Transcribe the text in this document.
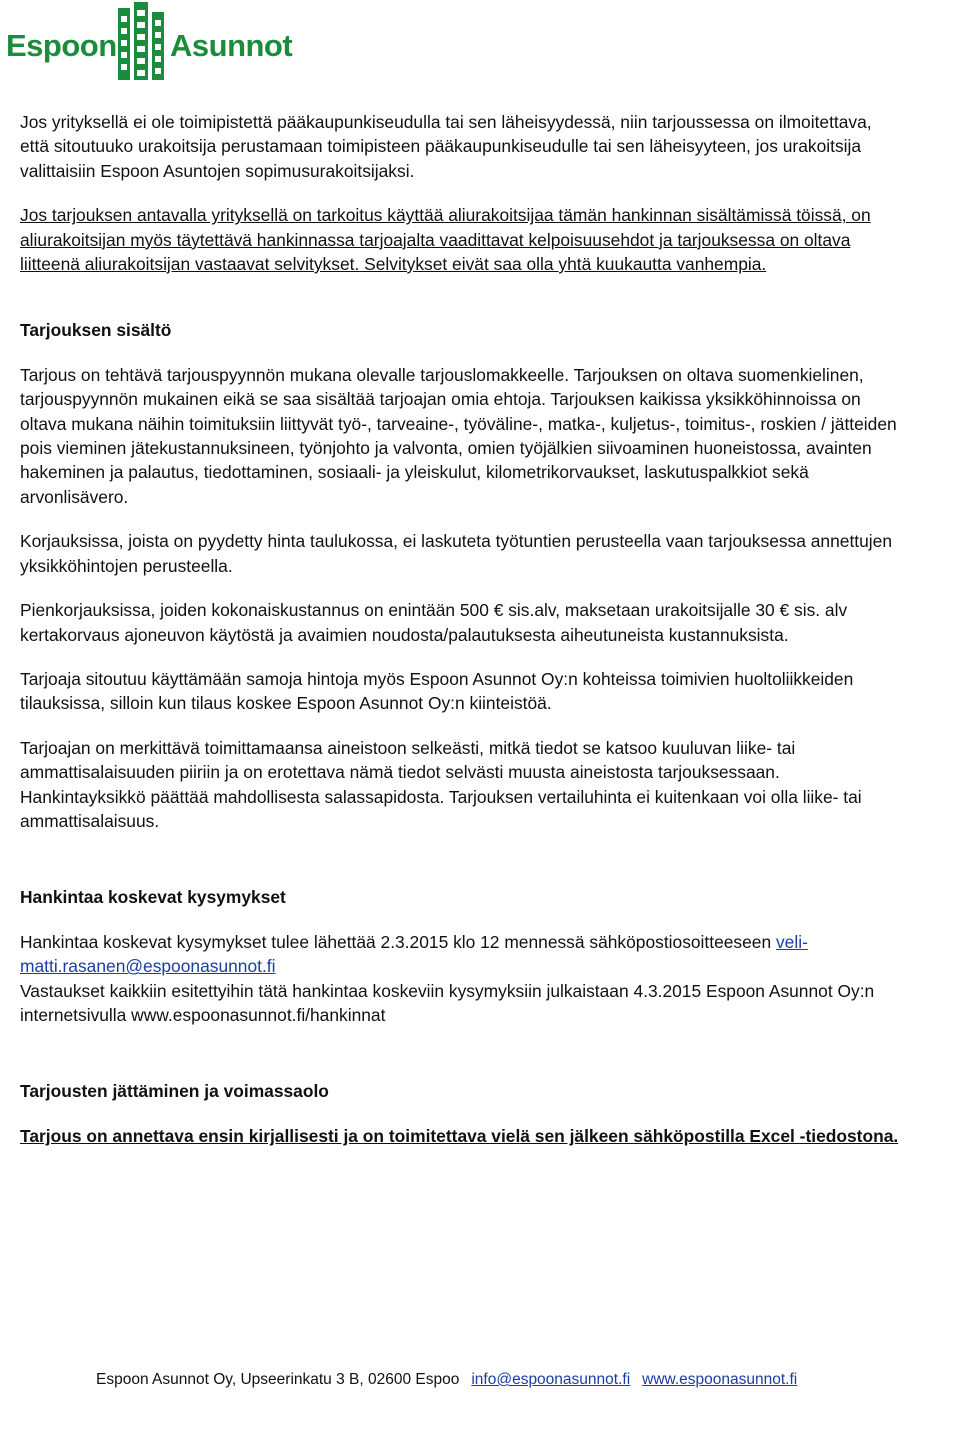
Espoon Asunnot

Jos yrityksellä ei ole toimipistettä pääkaupunkiseudulla tai sen läheisyydessä, niin tarjoussessa on ilmoitettava, että sitoutuuko urakoitsija perustamaan toimipisteen pääkaupunkiseudulle tai sen läheisyyteen, jos urakoitsija valittaisiin Espoon Asuntojen sopimusurakoitsijaksi.

Jos tarjouksen antavalla yrityksellä on tarkoitus käyttää aliurakoitsijaa tämän hankinnan sisältämissä töissä, on aliurakoitsijan myös täytettävä hankinnassa tarjoajalta vaadittavat kelpoisuusehdot ja tarjouksessa on oltava liitteenä aliurakoitsijan vastaavat selvitykset. Selvitykset eivät saa olla yhtä kuukautta vanhempia.

Tarjouksen sisältö

Tarjous on tehtävä tarjouspyynnön mukana olevalle tarjouslomakkeelle. Tarjouksen on oltava suomenkielinen, tarjouspyynnön mukainen eikä se saa sisältää tarjoajan omia ehtoja. Tarjouksen kaikissa yksikköhinnoissa on oltava mukana näihin toimituksiin liittyvät työ-, tarveaine-, työväline-, matka-, kuljetus-, toimitus-, roskien / jätteiden pois vieminen jätekustannuksineen, työnjohto ja valvonta, omien työjälkien siivoaminen huoneistossa, avainten hakeminen ja palautus, tiedottaminen, sosiaali- ja yleiskulut, kilometrikorvaukset, laskutuspalkkiot sekä arvonlisävero.

Korjauksissa, joista on pyydetty hinta taulukossa, ei laskuteta työtuntien perusteella vaan tarjouksessa annettujen yksikköhintojen perusteella.

Pienkorjauksissa, joiden kokonaiskustannus on enintään 500 € sis.alv, maksetaan urakoitsijalle 30 € sis. alv kertakorvaus ajoneuvon käytöstä ja avaimien noudosta/palautuksesta aiheutuneista kustannuksista.

Tarjoaja sitoutuu käyttämään samoja hintoja myös Espoon Asunnot Oy:n kohteissa toimivien huoltoliikkeiden tilauksissa, silloin kun tilaus koskee Espoon Asunnot Oy:n kiinteistöä.

Tarjoajan on merkittävä toimittamaansa aineistoon selkeästi, mitkä tiedot se katsoo kuuluvan liike- tai ammattisalaisuuden piiriin ja on erotettava nämä tiedot selvästi muusta aineistosta tarjouksessaan. Hankintayksikkö päättää mahdollisesta salassapidosta. Tarjouksen vertailuhinta ei kuitenkaan voi olla liike- tai ammattisalaisuus.

Hankintaa koskevat kysymykset

Hankintaa koskevat kysymykset tulee lähettää 2.3.2015 klo 12 mennessä sähköpostiosoitteeseen veli-matti.rasanen@espoonasunnot.fi

Vastaukset kaikkiin esitettyihin tätä hankintaa koskeviin kysymyksiin julkaistaan 4.3.2015 Espoon Asunnot Oy:n internetsivulla www.espoonasunnot.fi/hankinnat

Tarjousten jättäminen ja voimassaolo

Tarjous on annettava ensin kirjallisesti ja on toimitettava vielä sen jälkeen sähköpostilla Excel -tiedostona.

Espoon Asunnot Oy, Upseerinkatu 3 B, 02600 Espoo info@espoonasunnot.fi www.espoonasunnot.fi
